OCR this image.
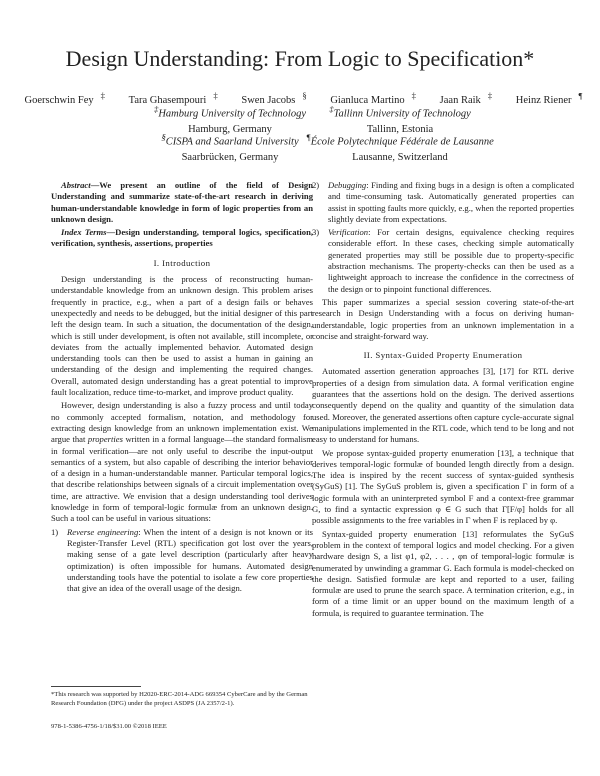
Design Understanding: From Logic to Specification*
Goerschwin Fey ‡ Tara Ghasempouri ‡ Swen Jacobs § Gianluca Martino ‡ Jaan Raik ‡ Heinz Riener ¶
‡Hamburg University of Technology
Hamburg, Germany
‡Tallinn University of Technology
Tallinn, Estonia
§CISPA and Saarland University
Saarbrücken, Germany
¶École Polytechnique Fédérale de Lausanne
Lausanne, Switzerland

Abstract—We present an outline of the field of Design Understanding and summarize state-of-the-art research in deriving human-understandable knowledge in form of logic properties from an unknown design.

Index Terms—Design understanding, temporal logics, specification, verification, synthesis, assertions, properties

I. Introduction

Design understanding is the process of reconstructing human-understandable knowledge from an unknown design. This problem arises frequently in practice, e.g., when a part of a design fails or behaves unexpectedly and needs to be debugged, but the initial designer of this part left the design team. In such a situation, the documentation of the design, which is still under development, is often not available, still incomplete, or deviates from the actually implemented behavior. Automated design understanding tools can then be used to assist a human in gaining an understanding of the design and implementing the required changes. Overall, automated design understanding has a great potential to improve fault localization, reduce time-to-market, and improve product quality.

However, design understanding is also a fuzzy process and until today no commonly accepted formalism, notation, and methodology for extracting design knowledge from an unknown implementation exist. We argue that properties written in a formal language—the standard formalism in formal verification—are not only useful to describe the input-output semantics of a system, but also capable of describing the interior behavior of a design in a human-understandable manner. Particular temporal logics, that describe relationships between signals of a circuit implementation over time, are attractive. We envision that a design understanding tool derives knowledge in form of temporal-logic formulæ from an unknown design. Such a tool can be useful in various situations:

1)	Reverse engineering: When the intent of a design is not known or its Register-Transfer Level (RTL) specification got lost over the years, making sense of a gate level description (particularly after heavy optimization) is often impossible for humans. Automated design understanding tools have the potential to isolate a few core properties that give an idea of the overall usage of the design.
2)	Debugging: Finding and fixing bugs in a design is often a complicated and time-consuming task. Automatically generated properties can assist in spotting faults more quickly, e.g., when the reported properties slightly deviate from expectations.
3)	Verification: For certain designs, equivalence checking requires considerable effort. In these cases, checking simple automatically generated properties may still be possible due to property-specific abstraction mechanisms. The property-checks can then be used as a lightweight approach to increase the confidence in the correctness of the design or to pinpoint functional differences.

This paper summarizes a special session covering state-of-the-art research in Design Understanding with a focus on deriving human-understandable, logic properties from an unknown implementation in a concise and straight-forward way.

II. Syntax-Guided Property Enumeration

Automated assertion generation approaches [3], [17] for RTL derive properties of a design from simulation data. A formal verification engine guarantees that the assertions hold on the design. The derived assertions consequently depend on the quality and quantity of the simulation data used. Moreover, the generated assertions often capture cycle-accurate signal manipulations implemented in the RTL code, which tend to be long and not easy to understand for humans.

We propose syntax-guided property enumeration [13], a technique that derives temporal-logic formulæ of bounded length directly from a design. The idea is inspired by the recent success of syntax-guided synthesis (SyGuS) [1]. The SyGuS problem is, given a specification Γ in form of a logic formula with an uninterpreted symbol F and a context-free grammar G, to find a syntactic expression φ ∈ G such that Γ[F/φ] holds for all possible assignments to the free variables in Γ when F is replaced by φ.

Syntax-guided property enumeration [13] reformulates the SyGuS problem in the context of temporal logics and model checking. For a given hardware design S, a list φ1, φ2, . . . , φn of temporal-logic formulæ is enumerated by unwinding a grammar G. Each formula is model-checked on the design. Satisfied formulæ are kept and reported to a user, failing formulæ are used to prune the search space. A termination criterion, e.g., in form of a time limit or an upper bound on the maximum length of a formula, is required to guarantee termination. The

*This research was supported by H2020-ERC-2014-ADG 669354 CyberCare and by the German Research Foundation (DFG) under the project ASDPS (JA 2357/2-1).
978-1-5386-4756-1/18/$31.00 ©2018 IEEE
